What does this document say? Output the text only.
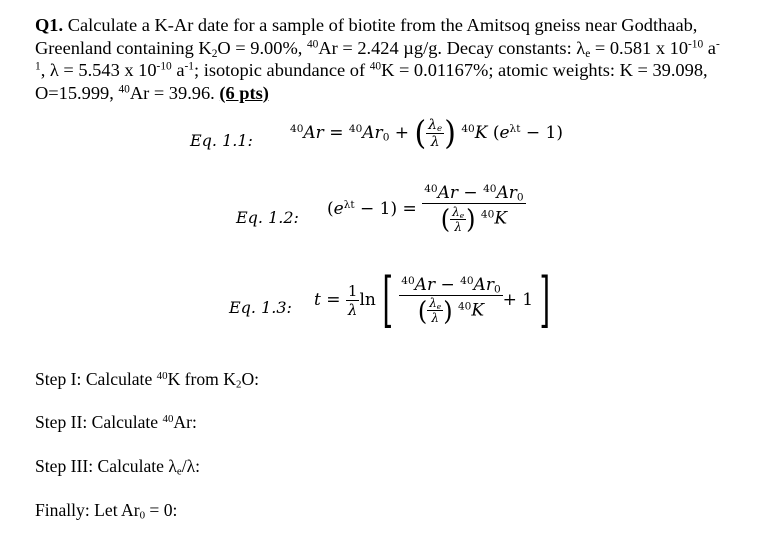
Q1. Calculate a K-Ar date for a sample of biotite from the Amitsoq gneiss near Godthaab,
Greenland containing $K_2O = 9.00\%$, $^{40}$Ar = 2.424 µg/g. Decay constants: $\lambda_e = 0.581$ x $10^{-10}$ a-
$^1$, λ = 5.543 x $10^{-10}$ $a^{-1}$; isotopic abundance of $^{40}$K = 0.01167%; atomic weights: K = 39.098,
O=15.999, $^{40}$Ar = 39.96. (6 pts)
Eq. 1.1:
$^{40}Ar = ^{40}Ar_0$ + ( $\frac{\lambda_e}{\lambda}$ ) $^{40}$K $(e^{\lambda t} - 1)$
Eq. 1.2: $(e^{\lambda t} - 1) = \frac{^{40}Ar - ^{40}Ar_0}{( \frac{\lambda_e}{\lambda} ) ^{40}K}$
Eq. 1.3: $t = \frac{1}{\lambda}$ ln [ $\frac{^{40}Ar - ^{40}Ar_0}{( \frac{\lambda_e}{\lambda} ) ^{40}K} + 1$ ]
Step I: Calculate $^{40}$K from $K_2O$:
Step II: Calculate $^{40}$Ar:
Step III: Calculate $\lambda_e/\lambda$:
Finally: Let $Ar_0 = 0$:
